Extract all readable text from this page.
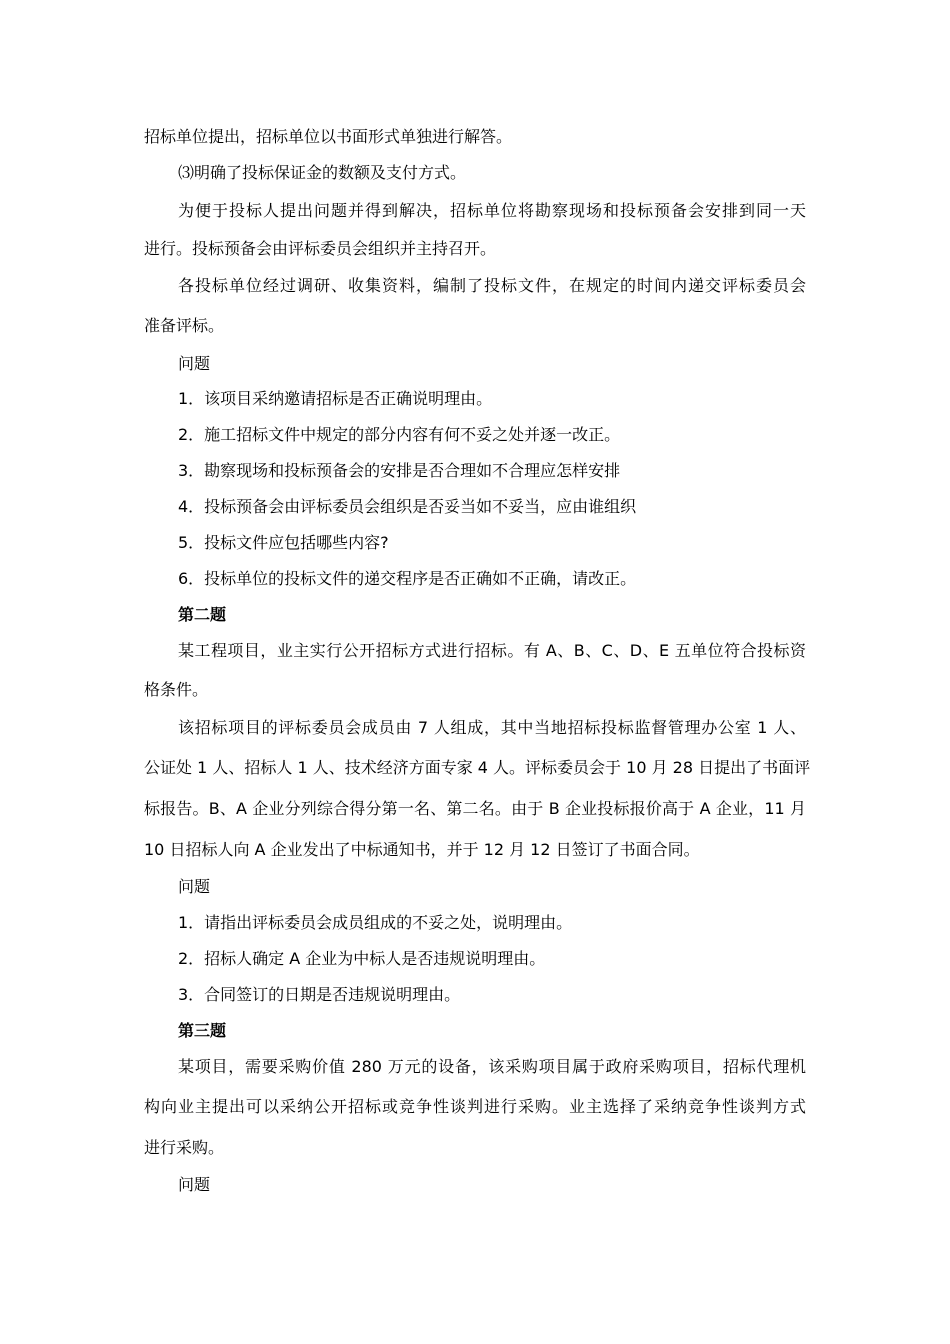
招标单位提出，招标单位以书面形式单独进行解答。
⑶明确了投标保证金的数额及支付方式。
为便于投标人提出问题并得到解决，招标单位将勘察现场和投标预备会安排到同一天
进行。投标预备会由评标委员会组织并主持召开。
各投标单位经过调研、收集资料，编制了投标文件，在规定的时间内递交评标委员会
准备评标。
问题
1．该项目采纳邀请招标是否正确说明理由。
2．施工招标文件中规定的部分内容有何不妥之处并逐一改正。
3．勘察现场和投标预备会的安排是否合理如不合理应怎样安排
4．投标预备会由评标委员会组织是否妥当如不妥当，应由谁组织
5．投标文件应包括哪些内容?
6．投标单位的投标文件的递交程序是否正确如不正确，请改正。
第二题
某工程项目，业主实行公开招标方式进行招标。有 A、B、C、D、E 五单位符合投标资
格条件。
该招标项目的评标委员会成员由 7 人组成，其中当地招标投标监督管理办公室 1 人、
公证处 1 人、招标人 1 人、技术经济方面专家 4 人。评标委员会于 10 月 28 日提出了书面评
标报告。B、A 企业分列综合得分第一名、第二名。由于 B 企业投标报价高于 A 企业，11 月
10 日招标人向 A 企业发出了中标通知书，并于 12 月 12 日签订了书面合同。
问题
1．请指出评标委员会成员组成的不妥之处，说明理由。
2．招标人确定 A 企业为中标人是否违规说明理由。
3．合同签订的日期是否违规说明理由。
第三题
某项目，需要采购价值 280 万元的设备，该采购项目属于政府采购项目，招标代理机
构向业主提出可以采纳公开招标或竞争性谈判进行采购。业主选择了采纳竞争性谈判方式
进行采购。
问题
